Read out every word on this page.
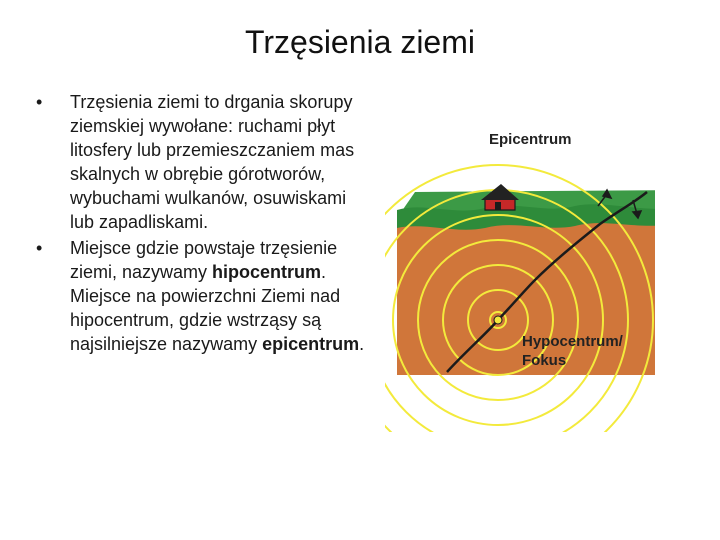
Trzęsienia ziemi
•	Trzęsienia ziemi to drgania skorupy ziemskiej wywołane: ruchami płyt litosfery lub przemieszczaniem mas skalnych w obrębie górotworów, wybuchami wulkanów, osuwiskami lub zapadliskami.
•	Miejsce gdzie powstaje trzęsienie ziemi, nazywamy hipocentrum. Miejsce na powierzchni Ziemi nad hipocentrum, gdzie wstrząsy są najsilniejsze nazywamy epicentrum.
Epicentrum
Hypocentrum/
Fokus
